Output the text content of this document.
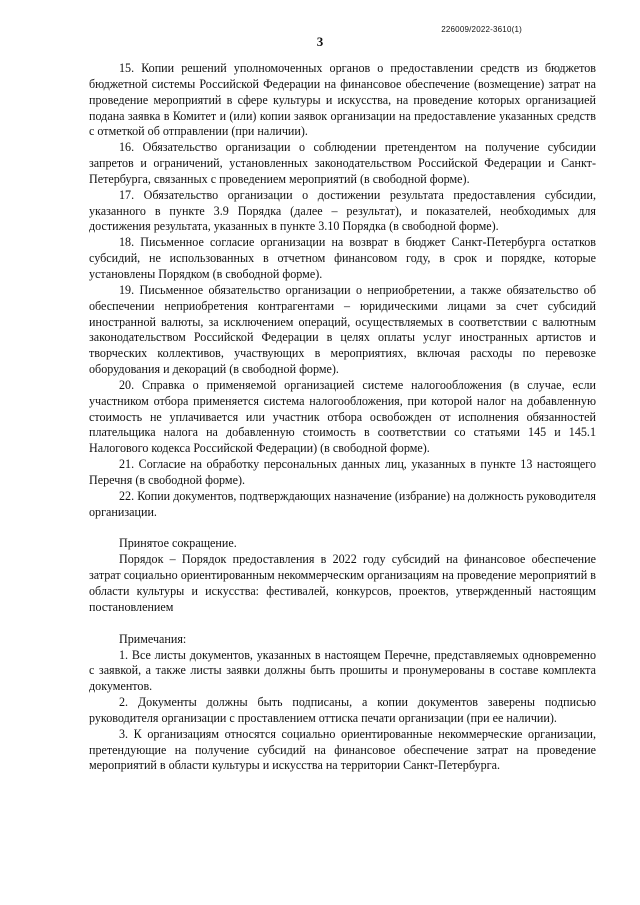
226009/2022-3610(1)
3

15. Копии решений уполномоченных органов о предоставлении средств из бюджетов бюджетной системы Российской Федерации на финансовое обеспечение (возмещение) затрат на проведение мероприятий в сфере культуры и искусства, на проведение которых организацией подана заявка в Комитет и (или) копии заявок организации на предоставление указанных средств с отметкой об отправлении (при наличии).

16. Обязательство организации о соблюдении претендентом на получение субсидии запретов и ограничений, установленных законодательством Российской Федерации и Санкт-Петербурга, связанных с проведением мероприятий (в свободной форме).

17. Обязательство организации о достижении результата предоставления субсидии, указанного в пункте 3.9 Порядка (далее – результат), и показателей, необходимых для достижения результата, указанных в пункте 3.10 Порядка (в свободной форме).

18. Письменное согласие организации на возврат в бюджет Санкт-Петербурга остатков субсидий, не использованных в отчетном финансовом году, в срок и порядке, которые установлены Порядком (в свободной форме).

19. Письменное обязательство организации о неприобретении, а также обязательство об обеспечении неприобретения контрагентами – юридическими лицами за счет субсидий иностранной валюты, за исключением операций, осуществляемых в соответствии с валютным законодательством Российской Федерации в целях оплаты услуг иностранных артистов и творческих коллективов, участвующих в мероприятиях, включая расходы по перевозке оборудования и декораций (в свободной форме).

20. Справка о применяемой организацией системе налогообложения (в случае, если участником отбора применяется система налогообложения, при которой налог на добавленную стоимость не уплачивается или участник отбора освобожден от исполнения обязанностей плательщика налога на добавленную стоимость в соответствии со статьями 145 и 145.1 Налогового кодекса Российской Федерации) (в свободной форме).

21. Согласие на обработку персональных данных лиц, указанных в пункте 13 настоящего Перечня (в свободной форме).

22. Копии документов, подтверждающих назначение (избрание) на должность руководителя организации.

Принятое сокращение.

Порядок – Порядок предоставления в 2022 году субсидий на финансовое обеспечение затрат социально ориентированным некоммерческим организациям на проведение мероприятий в области культуры и искусства: фестивалей, конкурсов, проектов, утвержденный настоящим постановлением

Примечания:

1. Все листы документов, указанных в настоящем Перечне, представляемых одновременно с заявкой, а также листы заявки должны быть прошиты и пронумерованы в составе комплекта документов.

2. Документы должны быть подписаны, а копии документов заверены подписью руководителя организации с проставлением оттиска печати организации (при ее наличии).

3. К организациям относятся социально ориентированные некоммерческие организации, претендующие на получение субсидий на финансовое обеспечение затрат на проведение мероприятий в области культуры и искусства на территории Санкт-Петербурга.
